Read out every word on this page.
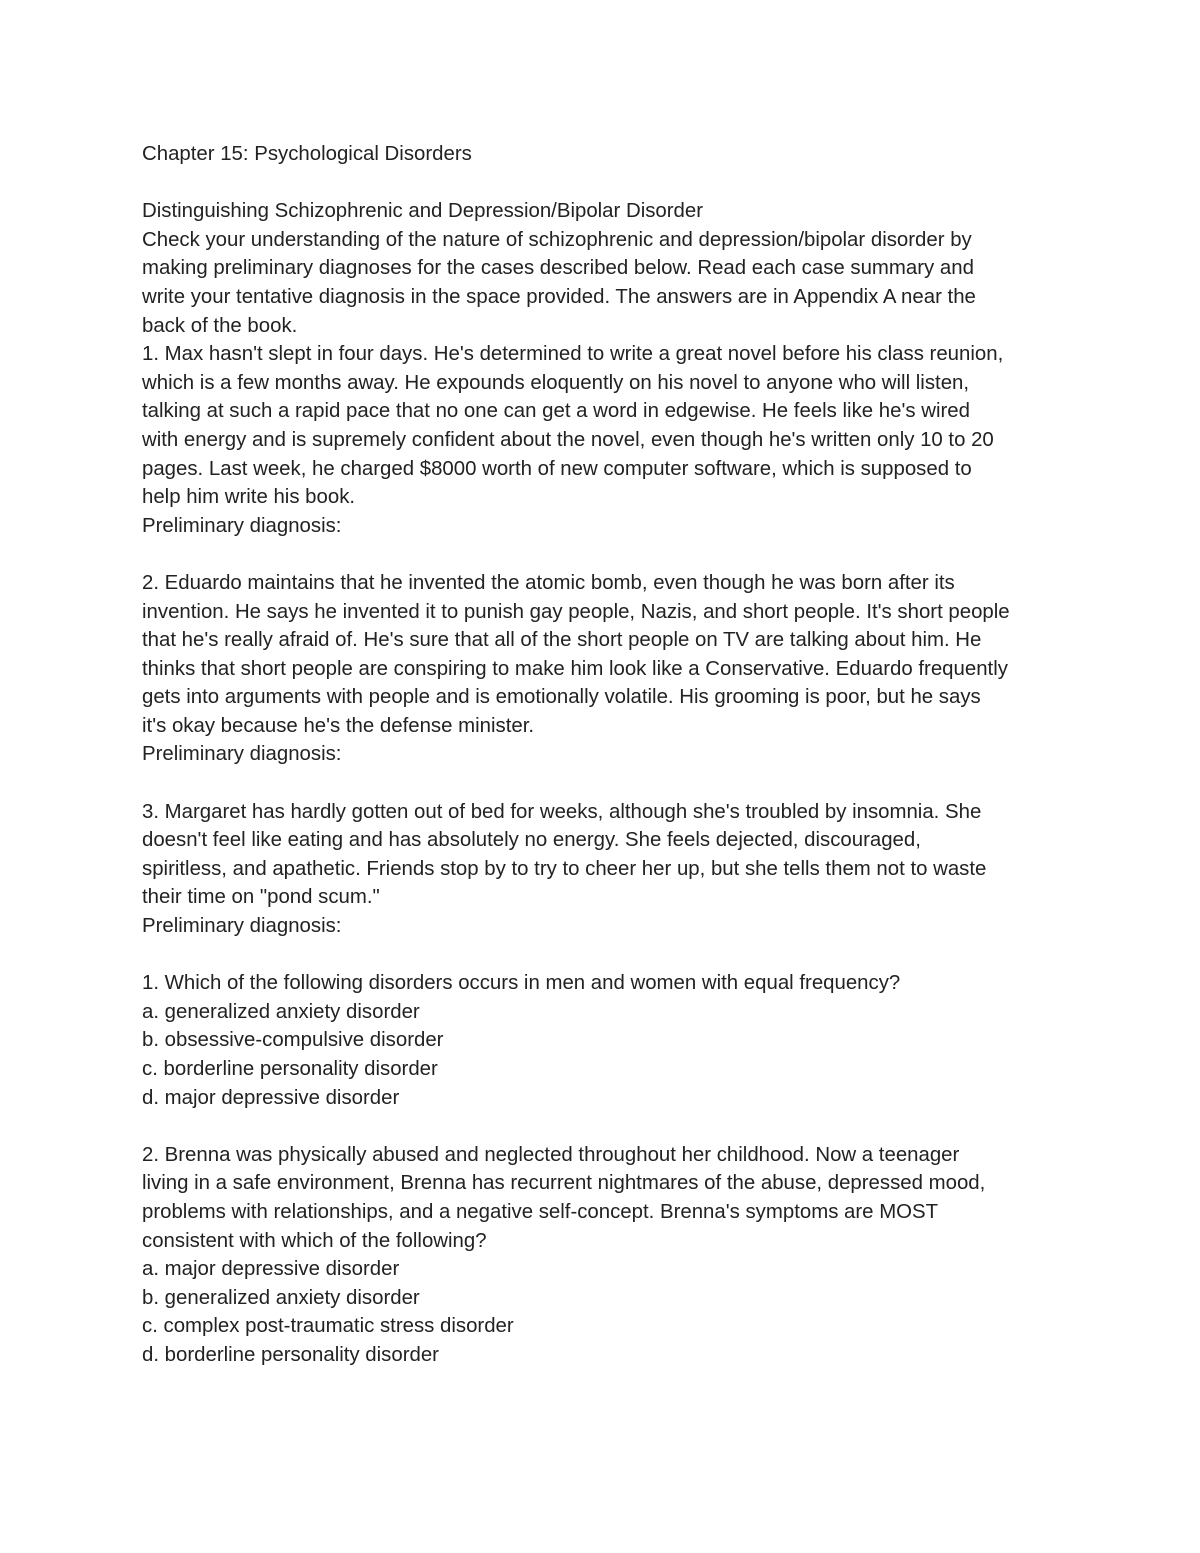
Chapter 15: Psychological Disorders
Distinguishing Schizophrenic and Depression/Bipolar Disorder
Check your understanding of the nature of schizophrenic and depression/bipolar disorder by
making preliminary diagnoses for the cases described below. Read each case summary and
write your tentative diagnosis in the space provided. The answers are in Appendix A near the
back of the book.
1. Max hasn't slept in four days. He's determined to write a great novel before his class reunion,
which is a few months away. He expounds eloquently on his novel to anyone who will listen,
talking at such a rapid pace that no one can get a word in edgewise. He feels like he's wired
with energy and is supremely confident about the novel, even though he's written only 10 to 20
pages. Last week, he charged $8000 worth of new computer software, which is supposed to
help him write his book.
Preliminary diagnosis:
2. Eduardo maintains that he invented the atomic bomb, even though he was born after its
invention. He says he invented it to punish gay people, Nazis, and short people. It's short people
that he's really afraid of. He's sure that all of the short people on TV are talking about him. He
thinks that short people are conspiring to make him look like a Conservative. Eduardo frequently
gets into arguments with people and is emotionally volatile. His grooming is poor, but he says
it's okay because he's the defense minister.
Preliminary diagnosis:
3. Margaret has hardly gotten out of bed for weeks, although she's troubled by insomnia. She
doesn't feel like eating and has absolutely no energy. She feels dejected, discouraged,
spiritless, and apathetic. Friends stop by to try to cheer her up, but she tells them not to waste
their time on "pond scum."
Preliminary diagnosis:
1. Which of the following disorders occurs in men and women with equal frequency?
a. generalized anxiety disorder
b. obsessive-compulsive disorder
c. borderline personality disorder
d. major depressive disorder
2. Brenna was physically abused and neglected throughout her childhood. Now a teenager
living in a safe environment, Brenna has recurrent nightmares of the abuse, depressed mood,
problems with relationships, and a negative self-concept. Brenna's symptoms are MOST
consistent with which of the following?
a. major depressive disorder
b. generalized anxiety disorder
c. complex post-traumatic stress disorder
d. borderline personality disorder
